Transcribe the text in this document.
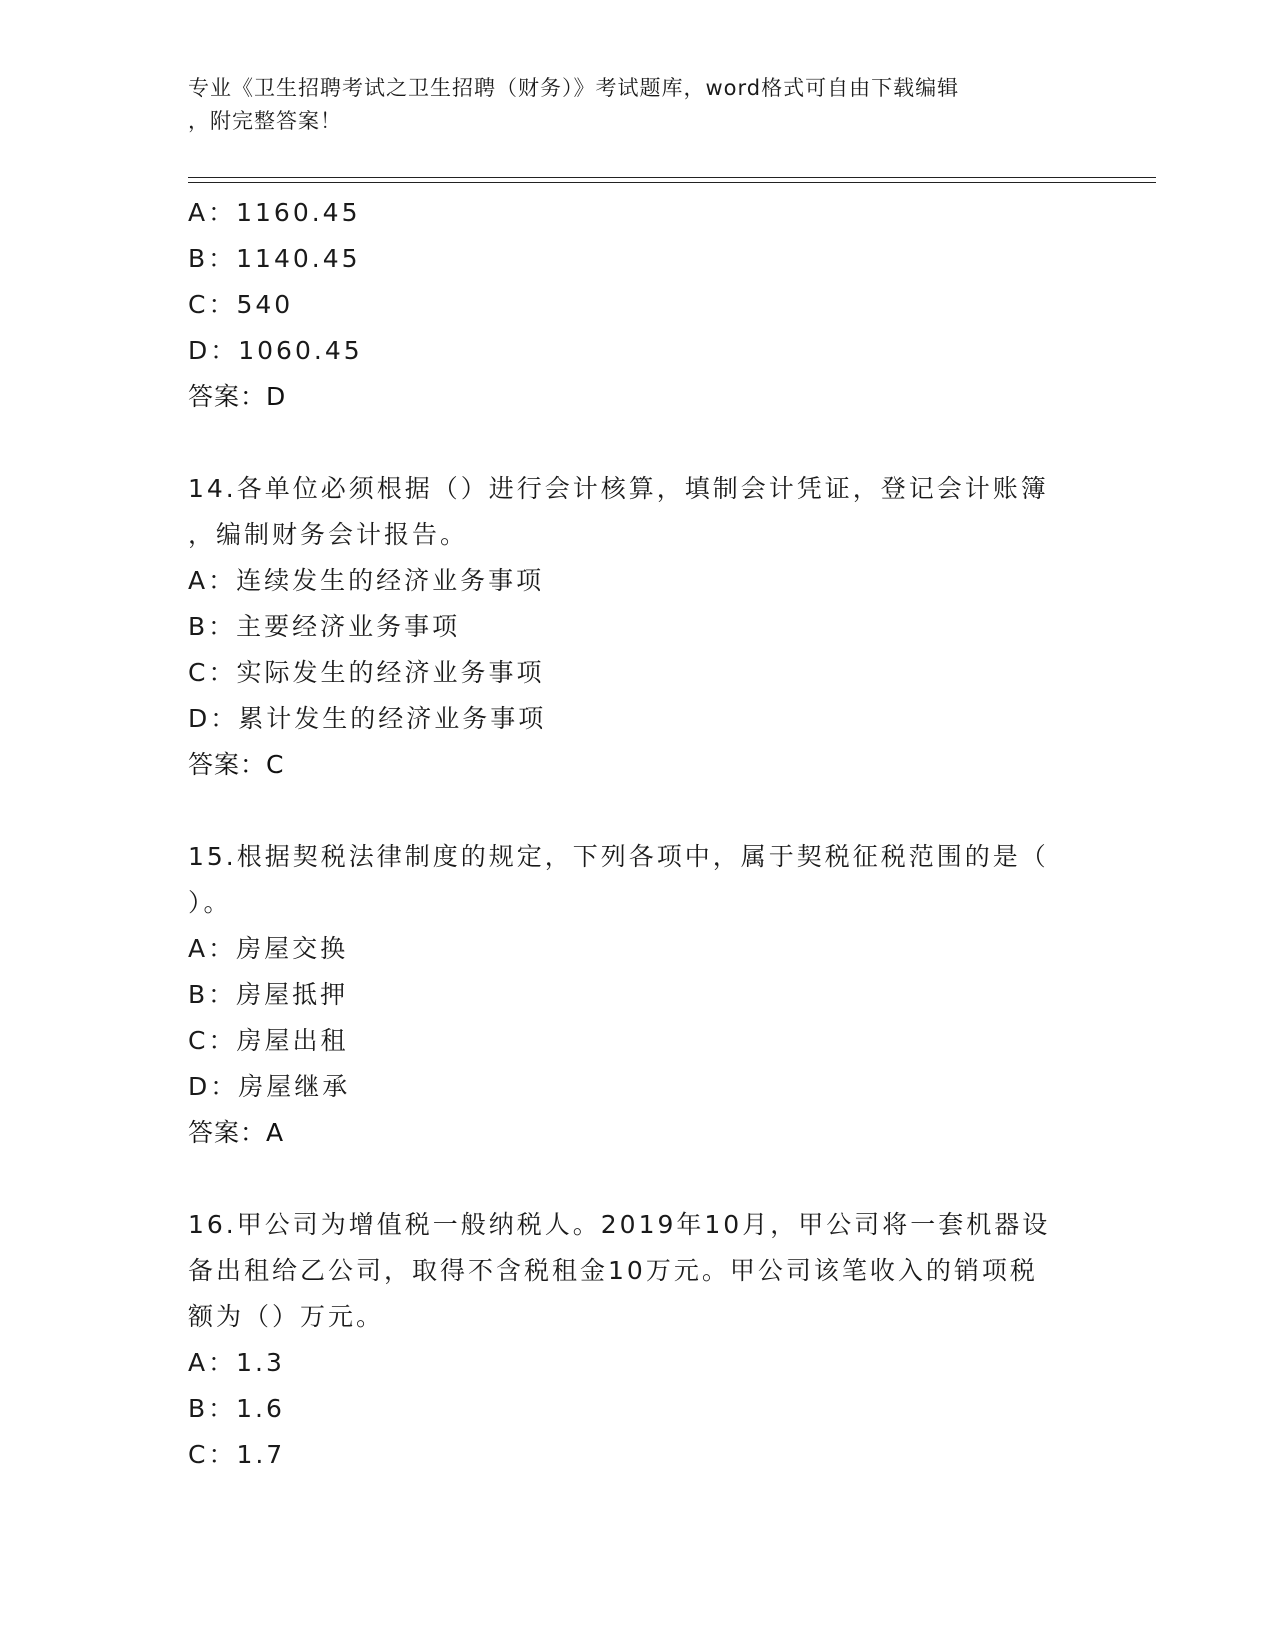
专业《卫生招聘考试之卫生招聘（财务）》考试题库，word格式可自由下载编辑
，附完整答案！
A：1160.45
B：1140.45
C：540
D：1060.45
答案：D
14.各单位必须根据（）进行会计核算，填制会计凭证，登记会计账簿
，编制财务会计报告。
A：连续发生的经济业务事项
B：主要经济业务事项
C：实际发生的经济业务事项
D：累计发生的经济业务事项
答案：C
15.根据契税法律制度的规定，下列各项中，属于契税征税范围的是（
）。
A：房屋交换
B：房屋抵押
C：房屋出租
D：房屋继承
答案：A
16.甲公司为增值税一般纳税人。2019年10月，甲公司将一套机器设
备出租给乙公司，取得不含税租金10万元。甲公司该笔收入的销项税
额为（）万元。
A：1.3
B：1.6
C：1.7
